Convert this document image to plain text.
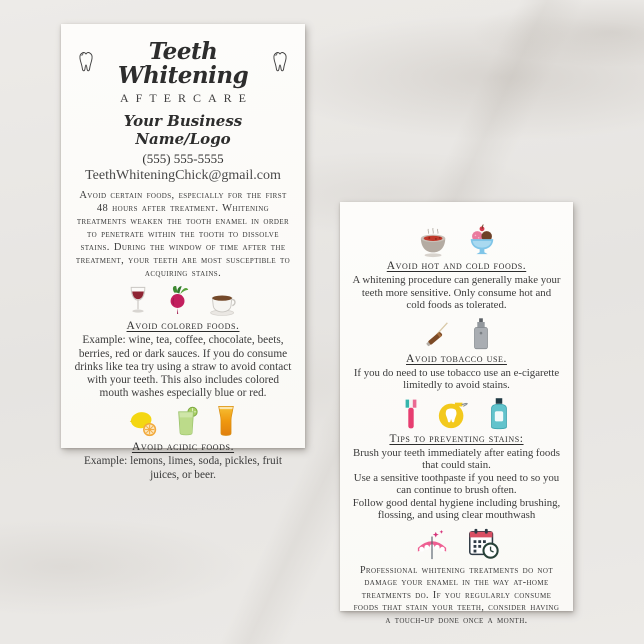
Teeth Whitening
AFTERCARE
Your Business Name/Logo
(555) 555-5555
TeethWhiteningChick@gmail.com
Avoid certain foods, especially for the first 48 hours after treatment. Whitening treatments weaken the tooth enamel in order to penetrate within the tooth to dissolve stains. During the window of time after the treatment, your teeth are most susceptible to acquiring stains.
Avoid colored foods.
Example: wine, tea, coffee, chocolate, beets, berries, red or dark sauces. If you do consume drinks like tea try using a straw to avoid contact with your teeth. This also includes colored mouth washes especially blue or red.
Avoid acidic foods.
Example: lemons, limes, soda, pickles, fruit juices, or beer.
Avoid hot and cold foods.
A whitening procedure can generally make your teeth more sensitive. Only consume hot and cold foods as tolerated.
Avoid tobacco use.
If you do need to use tobacco use an e-cigarette limitedly to avoid stains.
Tips to preventing stains:

Brush your teeth immediately after eating foods that could stain.

Use a sensitive toothpaste if you need to so you can continue to brush often.

Follow good dental hygiene including brushing, flossing, and using clear mouthwash

Professional whitening treatments do not damage your enamel in the way at-home treatments do. If you regularly consume foods that stain your teeth, consider having a touch-up done once a month.
